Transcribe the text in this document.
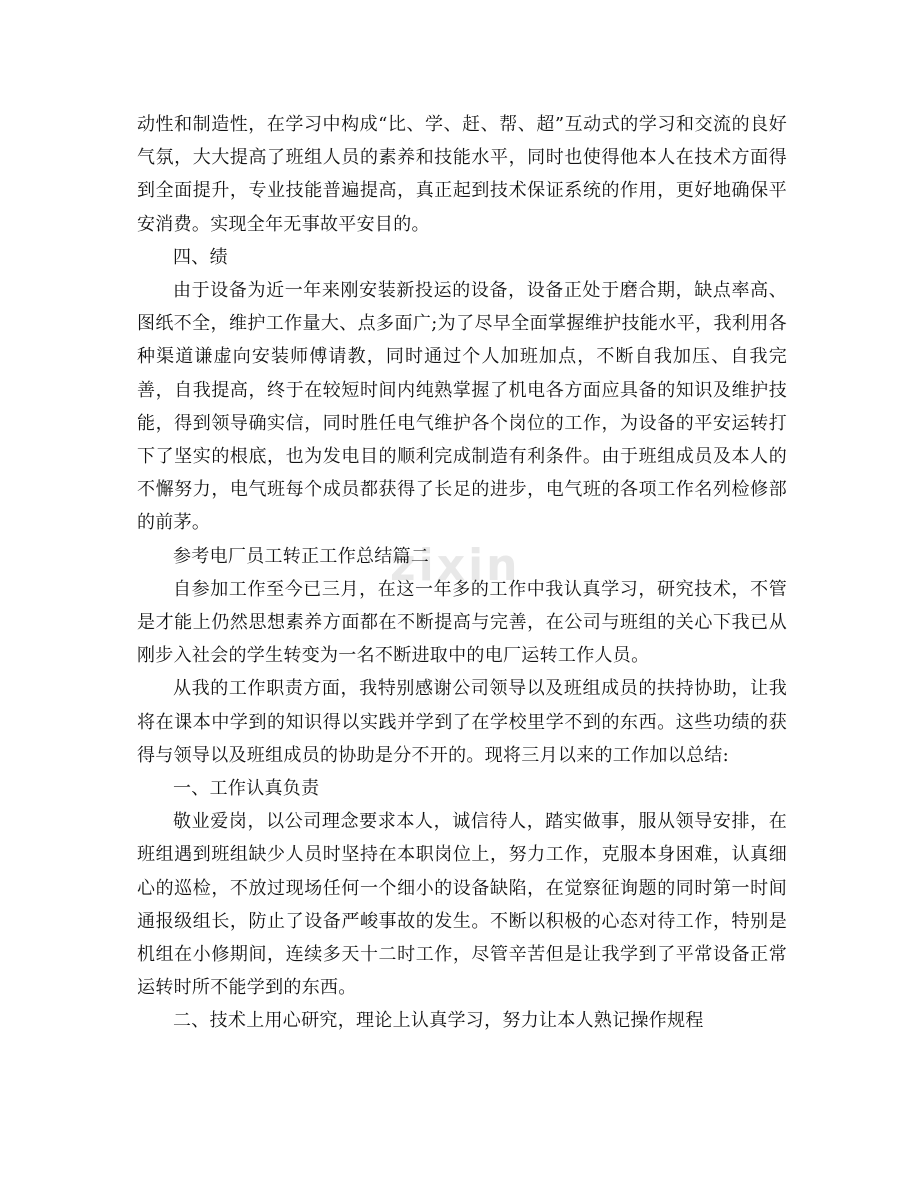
zixin

动性和制造性，在学习中构成“比、学、赶、帮、超”互动式的学习和交流的良好气氛，大大提高了班组人员的素养和技能水平，同时也使得他本人在技术方面得到全面提升，专业技能普遍提高，真正起到技术保证系统的作用，更好地确保平安消费。实现全年无事故平安目的。

四、绩

由于设备为近一年来刚安装新投运的设备，设备正处于磨合期，缺点率高、图纸不全，维护工作量大、点多面广;为了尽早全面掌握维护技能水平，我利用各种渠道谦虚向安装师傅请教，同时通过个人加班加点，不断自我加压、自我完善，自我提高，终于在较短时间内纯熟掌握了机电各方面应具备的知识及维护技能，得到领导确实信，同时胜任电气维护各个岗位的工作，为设备的平安运转打下了坚实的根底，也为发电目的顺利完成制造有利条件。由于班组成员及本人的不懈努力，电气班每个成员都获得了长足的进步，电气班的各项工作名列检修部的前茅。

参考电厂员工转正工作总结篇二

自参加工作至今已三月，在这一年多的工作中我认真学习，研究技术，不管是才能上仍然思想素养方面都在不断提高与完善，在公司与班组的关心下我已从刚步入社会的学生转变为一名不断进取中的电厂运转工作人员。

从我的工作职责方面，我特别感谢公司领导以及班组成员的扶持协助，让我将在课本中学到的知识得以实践并学到了在学校里学不到的东西。这些功绩的获得与领导以及班组成员的协助是分不开的。现将三月以来的工作加以总结:

一、工作认真负责

敬业爱岗，以公司理念要求本人，诚信待人，踏实做事，服从领导安排，在班组遇到班组缺少人员时坚持在本职岗位上，努力工作，克服本身困难，认真细心的巡检，不放过现场任何一个细小的设备缺陷，在觉察征询题的同时第一时间通报级组长，防止了设备严峻事故的发生。不断以积极的心态对待工作，特别是机组在小修期间，连续多天十二时工作，尽管辛苦但是让我学到了平常设备正常运转时所不能学到的东西。

二、技术上用心研究，理论上认真学习，努力让本人熟记操作规程
